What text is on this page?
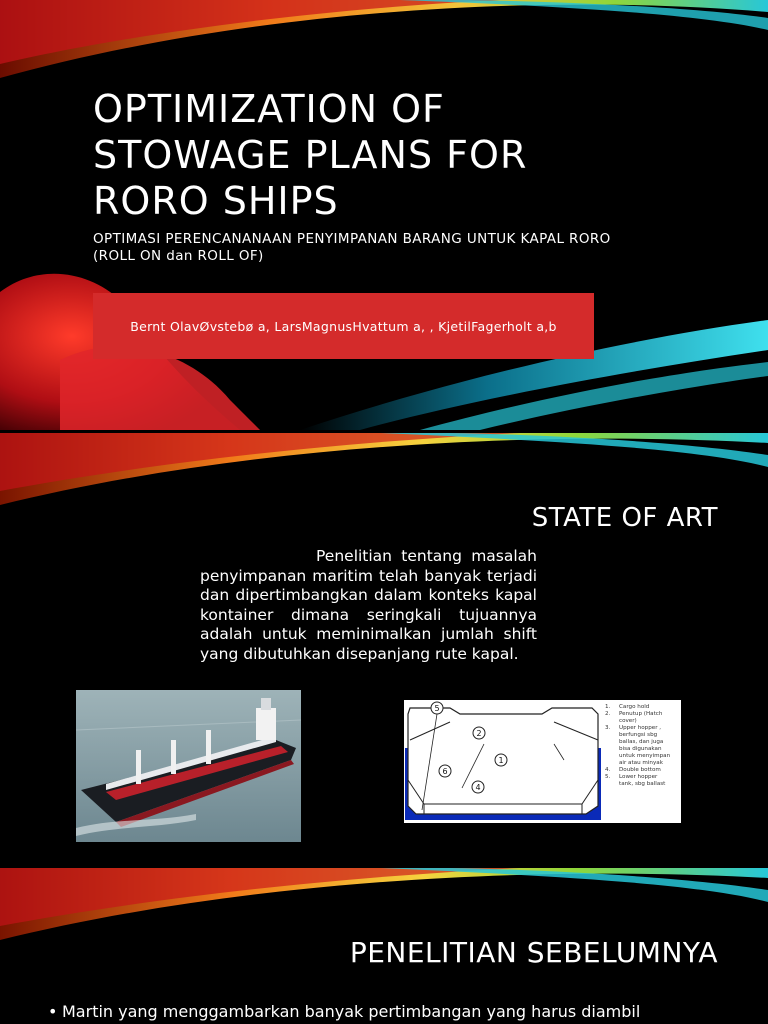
OPTIMIZATION OF
STOWAGE PLANS FOR
RORO SHIPS

OPTIMASI PERENCANANAAN PENYIMPANAN BARANG UNTUK KAPAL RORO
(ROLL ON dan ROLL OF)

Bernt OlavØvstebø a, LarsMagnusHvattum a, , KjetilFagerholt a,b
STATE OF ART

Penelitian tentang masalah penyimpanan maritim telah banyak terjadi dan dipertimbangkan dalam konteks kapal kontainer dimana seringkali tujuannya adalah untuk meminimalkan jumlah shift yang dibutuhkan disepanjang rute kapal.

5
2
1
6
4
1. Cargo hold
2. Penutup (Hatch
cover)
3. Upper hopper ,
berfungsi sbg
ballas, dan juga
bisa digunakan
untuk menyimpan
air atau minyak
4. Double bottom
5. Lower hopper
tank, sbg ballast
PENELITIAN SEBELUMNYA

• Martin yang menggambarkan banyak pertimbangan yang harus diambil
